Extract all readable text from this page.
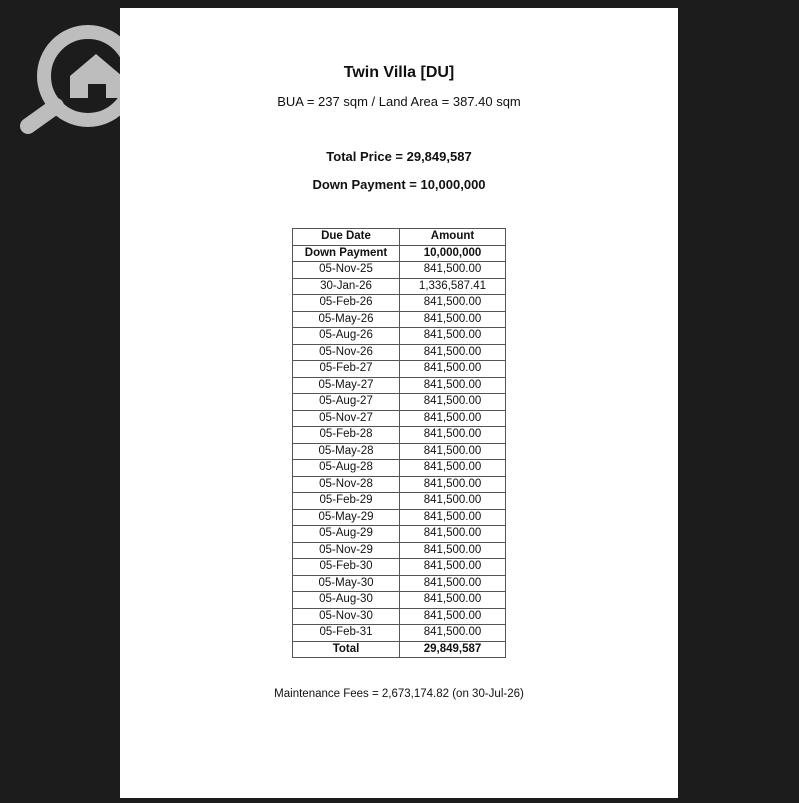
Twin Villa [DU]
BUA = 237 sqm / Land Area = 387.40 sqm
Total Price = 29,849,587
Down Payment = 10,000,000
Due Date	Amount
Down Payment	10,000,000
05-Nov-25	841,500.00
30-Jan-26	1,336,587.41
05-Feb-26	841,500.00
05-May-26	841,500.00
05-Aug-26	841,500.00
05-Nov-26	841,500.00
05-Feb-27	841,500.00
05-May-27	841,500.00
05-Aug-27	841,500.00
05-Nov-27	841,500.00
05-Feb-28	841,500.00
05-May-28	841,500.00
05-Aug-28	841,500.00
05-Nov-28	841,500.00
05-Feb-29	841,500.00
05-May-29	841,500.00
05-Aug-29	841,500.00
05-Nov-29	841,500.00
05-Feb-30	841,500.00
05-May-30	841,500.00
05-Aug-30	841,500.00
05-Nov-30	841,500.00
05-Feb-31	841,500.00
Total	29,849,587
Maintenance Fees = 2,673,174.82 (on 30-Jul-26)
